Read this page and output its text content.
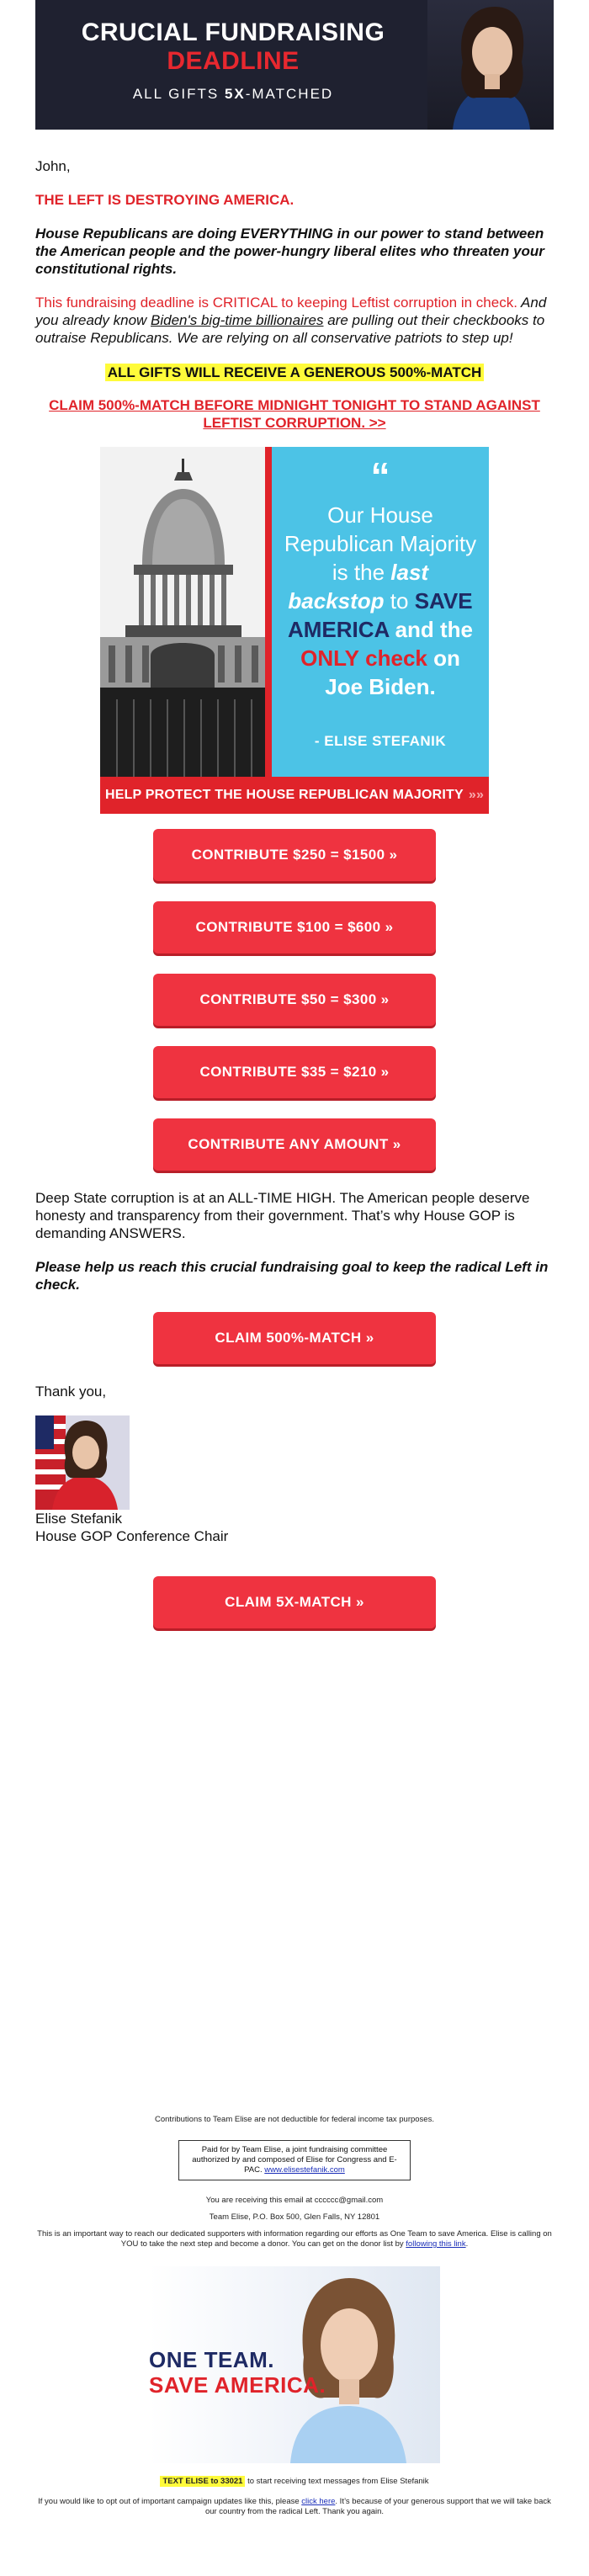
CRUCIAL FUNDRAISING
DEADLINE
ALL GIFTS 5X-MATCHED

John,

THE LEFT IS DESTROYING AMERICA.

House Republicans are doing EVERYTHING in our power to stand between the American people and the power-hungry liberal elites who threaten your constitutional rights.

This fundraising deadline is CRITICAL to keeping Leftist corruption in check. And you already know Biden's big-time billionaires are pulling out their checkbooks to outraise Republicans. We are relying on all conservative patriots to step up!

ALL GIFTS WILL RECEIVE A GENEROUS 500%-MATCH
CLAIM 500%-MATCH BEFORE MIDNIGHT TONIGHT TO STAND AGAINST LEFTIST CORRUPTION. >>
“
Our House Republican Majority is the last backstop to SAVE AMERICA and the ONLY check on Joe Biden.
- ELISE STEFANIK
HELP PROTECT THE HOUSE REPUBLICAN MAJORITY »»
CONTRIBUTE $250 = $1500 »
CONTRIBUTE $100 = $600 »
CONTRIBUTE $50 = $300 »
CONTRIBUTE $35 = $210 »
CONTRIBUTE ANY AMOUNT »

Deep State corruption is at an ALL-TIME HIGH. The American people deserve honesty and transparency from their government. That’s why House GOP is demanding ANSWERS.

Please help us reach this crucial fundraising goal to keep the radical Left in check.

CLAIM 500%-MATCH »

Thank you,

Elise Stefanik

House GOP Conference Chair

CLAIM 5X-MATCH »
Contributions to Team Elise are not deductible for federal income tax purposes.
Paid for by Team Elise, a joint fundraising committee authorized by and composed of Elise for Congress and E-PAC. www.elisestefanik.com
You are receiving this email at cccccc@gmail.com
Team Elise, P.O. Box 500, Glen Falls, NY 12801
This is an important way to reach our dedicated supporters with information regarding our efforts as One Team to save America. Elise is calling on YOU to take the next step and become a donor. You can get on the donor list by following this link.
ONE TEAM.
SAVE AMERICA.
TEXT ELISE to 33021 to start receiving text messages from Elise Stefanik
If you would like to opt out of important campaign updates like this, please click here. It’s because of your generous support that we will take back our country from the radical Left. Thank you again.
